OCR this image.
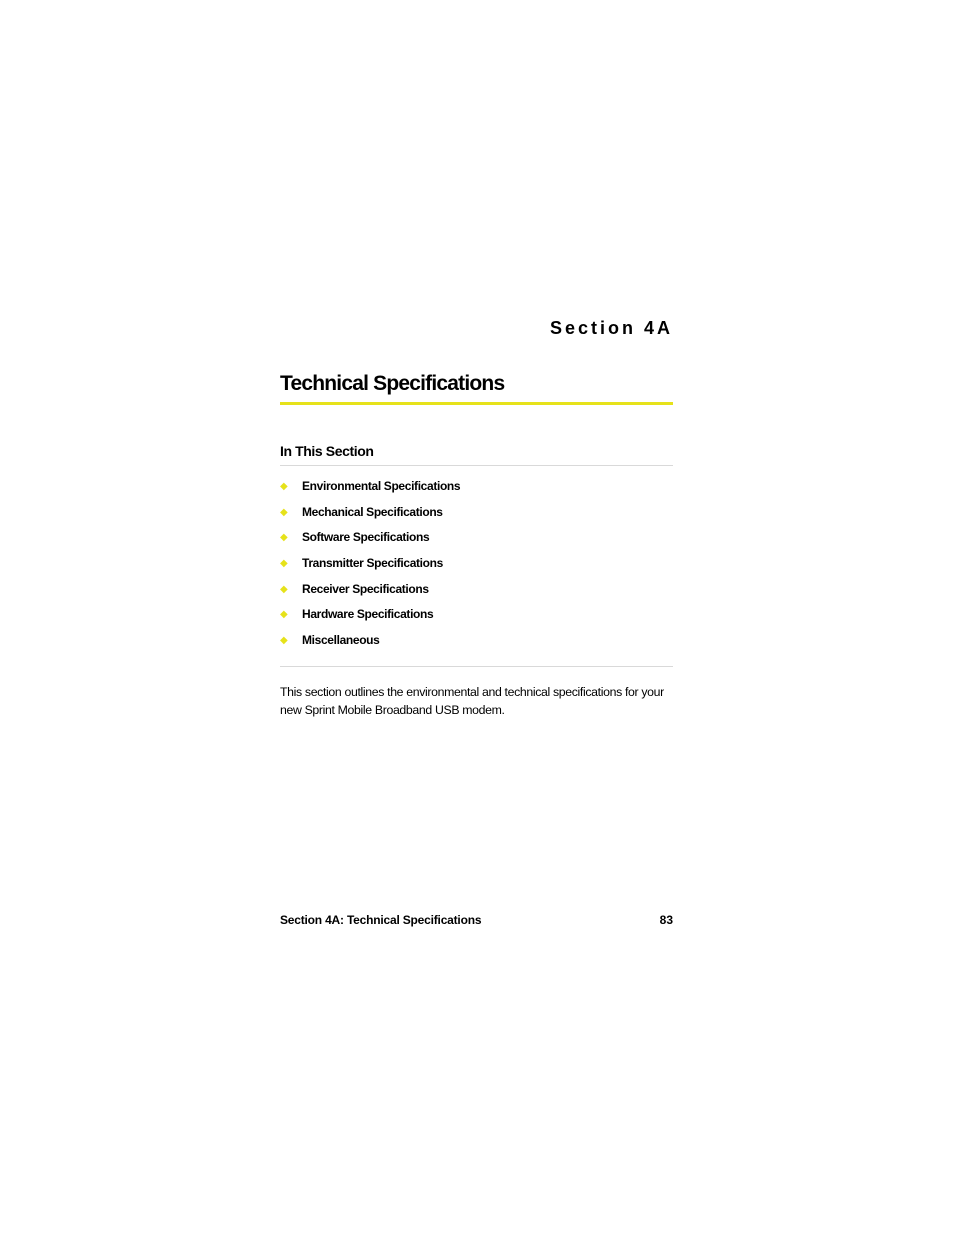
Section 4A
Technical Specifications
In This Section
◆ Environmental Specifications
◆ Mechanical Specifications
◆ Software Specifications
◆ Transmitter Specifications
◆ Receiver Specifications
◆ Hardware Specifications
◆ Miscellaneous

This section outlines the environmental and technical specifications for your new Sprint Mobile Broadband USB modem.

Section 4A: Technical Specifications	83
